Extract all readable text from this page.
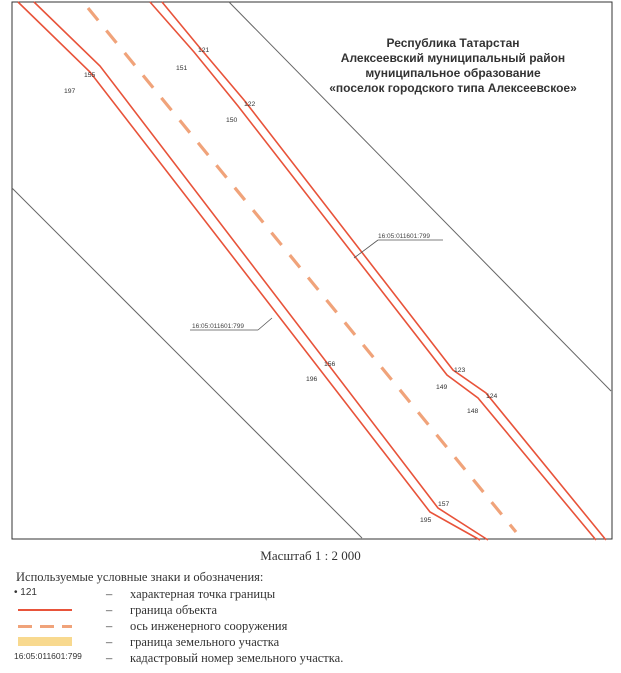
16:05:011601:799
16:05:011601:799
121
151
122
150
155
197
123
149
124
148
156
196
157
195
Республика Татарстан
Алексеевский муниципальный район
муниципальное образование
«поселок городского типа Алексеевское»
Масштаб 1 : 2 000
Используемые условные знаки и обозначения:
• 121	– характерная точка границы
– граница объекта
– ось инженерного сооружения
– граница земельного участка
16:05:011601:799 – кадастровый номер земельного участка.
